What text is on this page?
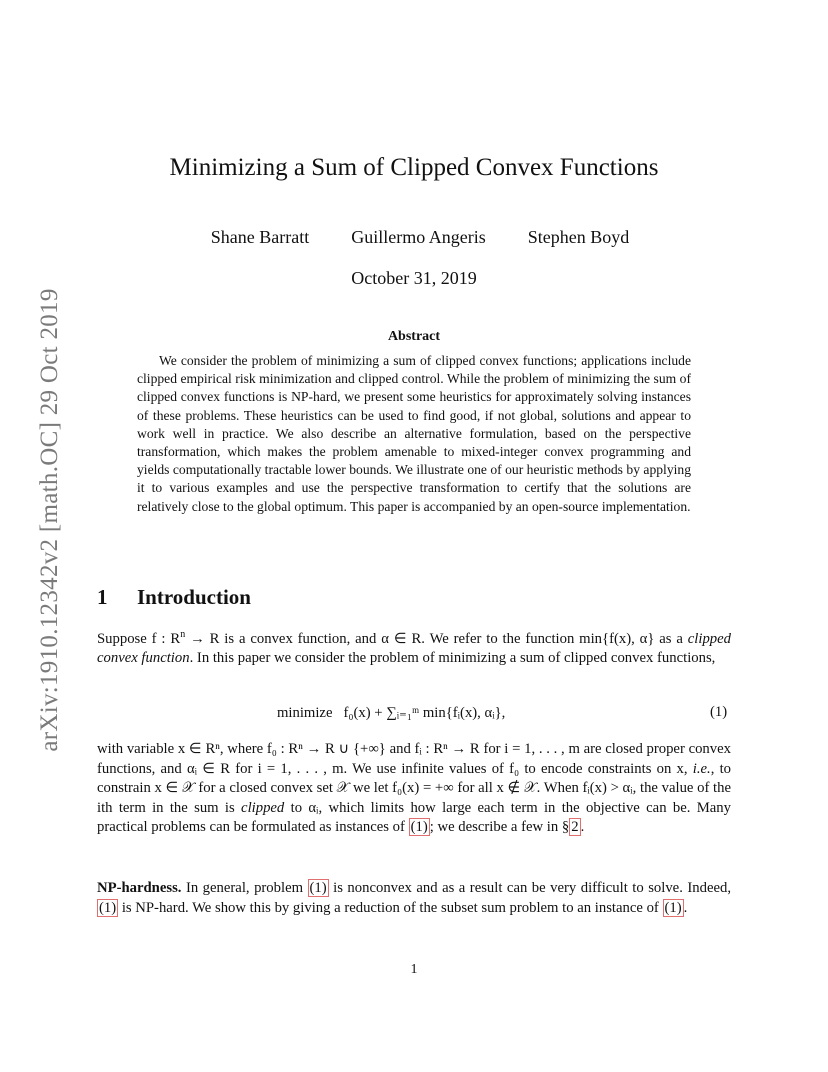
arXiv:1910.12342v2 [math.OC] 29 Oct 2019
Minimizing a Sum of Clipped Convex Functions
Shane Barratt Guillermo Angeris Stephen Boyd
October 31, 2019
Abstract
We consider the problem of minimizing a sum of clipped convex functions; applications include clipped empirical risk minimization and clipped control. While the problem of minimizing the sum of clipped convex functions is NP-hard, we present some heuristics for approximately solving instances of these problems. These heuristics can be used to find good, if not global, solutions and appear to work well in practice. We also describe an alternative formulation, based on the perspective transformation, which makes the problem amenable to mixed-integer convex programming and yields computationally tractable lower bounds. We illustrate one of our heuristic methods by applying it to various examples and use the perspective transformation to certify that the solutions are relatively close to the global optimum. This paper is accompanied by an open-source implementation.
1 Introduction
Suppose f : $R^n \to R$ is a convex function, and α ∈ R. We refer to the function min{f(x), α} as a clipped convex function. In this paper we consider the problem of minimizing a sum of clipped convex functions,
minimize f₀(x) + ∑ᵢ₌₁ᵐ min{fᵢ(x), αᵢ},	(1)
with variable x ∈ Rⁿ, where f₀ : Rⁿ → R ∪ {+∞} and fᵢ : Rⁿ → R for i = 1, . . . , m are closed proper convex functions, and αᵢ ∈ R for i = 1, . . . , m. We use infinite values of f₀ to encode constraints on x, i.e., to constrain x ∈ 𝒳 for a closed convex set 𝒳 we let f₀(x) = +∞ for all x ∉ 𝒳. When fᵢ(x) > αᵢ, the value of the ith term in the sum is clipped to αᵢ, which limits how large each term in the objective can be. Many practical problems can be formulated as instances of (1) ; we describe a few in § 2 .
NP-hardness. In general, problem (1) is nonconvex and as a result can be very difficult to solve. Indeed, (1) is NP-hard. We show this by giving a reduction of the subset sum problem to an instance of (1) .
1
